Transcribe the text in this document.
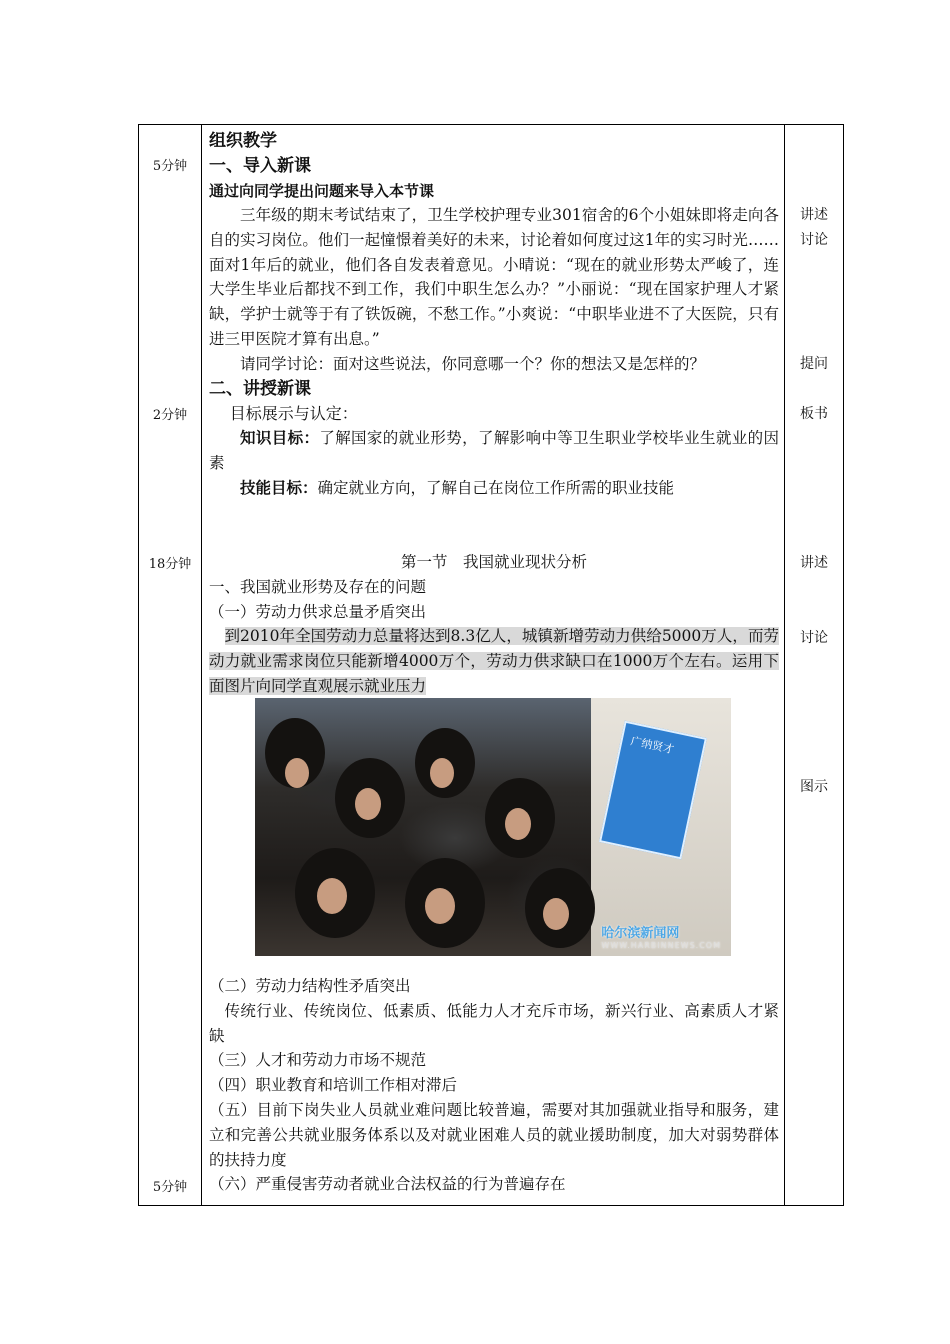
5分钟
2分钟
18分钟
5分钟
讲述
讨论
提问
板书
讲述
讨论
图示

组织教学

一、导入新课

通过向同学提出问题来导入本节课

三年级的期末考试结束了，卫生学校护理专业301宿舍的6个小姐妹即将走向各自的实习岗位。他们一起憧憬着美好的未来，讨论着如何度过这1年的实习时光……面对1年后的就业，他们各自发表着意见。小晴说：“现在的就业形势太严峻了，连大学生毕业后都找不到工作，我们中职生怎么办？”小丽说：“现在国家护理人才紧缺，学护士就等于有了铁饭碗，不愁工作。”小爽说：“中职毕业进不了大医院，只有进三甲医院才算有出息。”

请同学讨论：面对这些说法，你同意哪一个？你的想法又是怎样的？

二、讲授新课

目标展示与认定：

知识目标：了解国家的就业形势，了解影响中等卫生职业学校毕业生就业的因素

技能目标：确定就业方向，了解自己在岗位工作所需的职业技能

第一节　我国就业现状分析

一、我国就业形势及存在的问题

（一）劳动力供求总量矛盾突出

到2010年全国劳动力总量将达到8.3亿人，城镇新增劳动力供给5000万人，而劳动力就业需求岗位只能新增4000万个，劳动力供求缺口在1000万个左右。运用下面图片向同学直观展示就业压力

广纳贤才
哈尔滨新闻网
WWW.HARBINNEWS.COM

（二）劳动力结构性矛盾突出

传统行业、传统岗位、低素质、低能力人才充斥市场，新兴行业、高素质人才紧缺

（三）人才和劳动力市场不规范

（四）职业教育和培训工作相对滞后

（五）目前下岗失业人员就业难问题比较普遍，需要对其加强就业指导和服务，建立和完善公共就业服务体系以及对就业困难人员的就业援助制度，加大对弱势群体的扶持力度

（六）严重侵害劳动者就业合法权益的行为普遍存在
